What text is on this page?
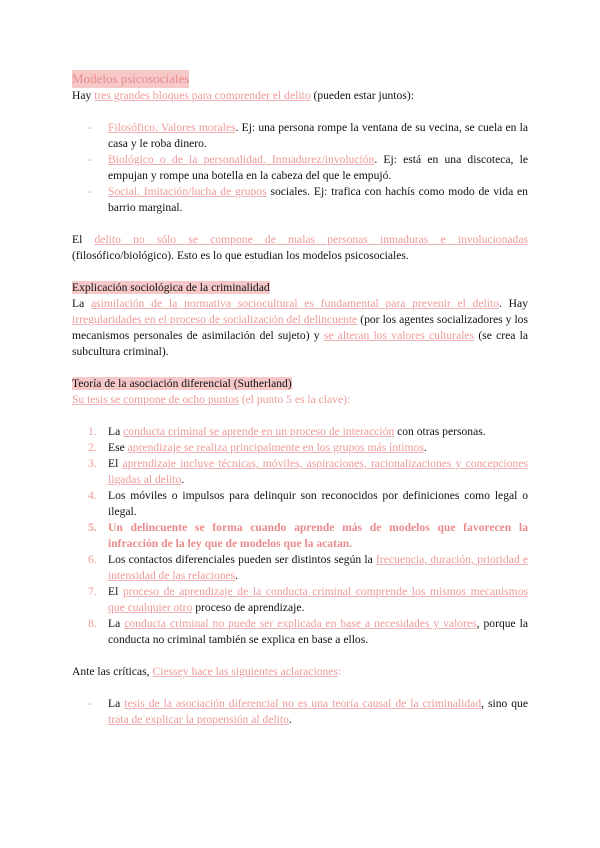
Modelos psicosociales
Hay tres grandes bloques para comprender el delito (pueden estar juntos):
- Filosófico. Valores morales. Ej: una persona rompe la ventana de su vecina, se cuela en la casa y le roba dinero.
- Biológico o de la personalidad. Inmadurez/involución. Ej: está en una discoteca, le empujan y rompe una botella en la cabeza del que le empujó.
- Social. Imitación/lucha de grupos sociales. Ej: trafica con hachís como modo de vida en barrio marginal.
El delito no sólo se compone de malas personas inmaduras e involucionadas (filosófico/biológico). Esto es lo que estudian los modelos psicosociales.
Explicación sociológica de la criminalidad
La asimilación de la normativa sociocultural es fundamental para prevenir el delito. Hay irregularidades en el proceso de socialización del delincuente (por los agentes socializadores y los mecanismos personales de asimilación del sujeto) y se alteran los valores culturales (se crea la subcultura criminal).
Teoría de la asociación diferencial (Sutherland)
Su tesis se compone de ocho puntos (el punto 5 es la clave):
1. La conducta criminal se aprende en un proceso de interacción con otras personas.
2. Ese aprendizaje se realiza principalmente en los grupos más íntimos.
3. El aprendizaje incluye técnicas, móviles, aspiraciones, racionalizaciones y concepciones ligadas al delito.
4. Los móviles o impulsos para delinquir son reconocidos por definiciones como legal o ilegal.
5. Un delincuente se forma cuando aprende más de modelos que favorecen la infracción de la ley que de modelos que la acatan.
6. Los contactos diferenciales pueden ser distintos según la frecuencia, duración, prioridad e intensidad de las relaciones.
7. El proceso de aprendizaje de la conducta criminal comprende los mismos mecanismos que cualquier otro proceso de aprendizaje.
8. La conducta criminal no puede ser explicada en base a necesidades y valores, porque la conducta no criminal también se explica en base a ellos.
Ante las críticas, Ciessey hace las siguientes aclaraciones:
- La tesis de la asociación diferencial no es una teoría causal de la criminalidad, sino que trata de explicar la propensión al delito.
